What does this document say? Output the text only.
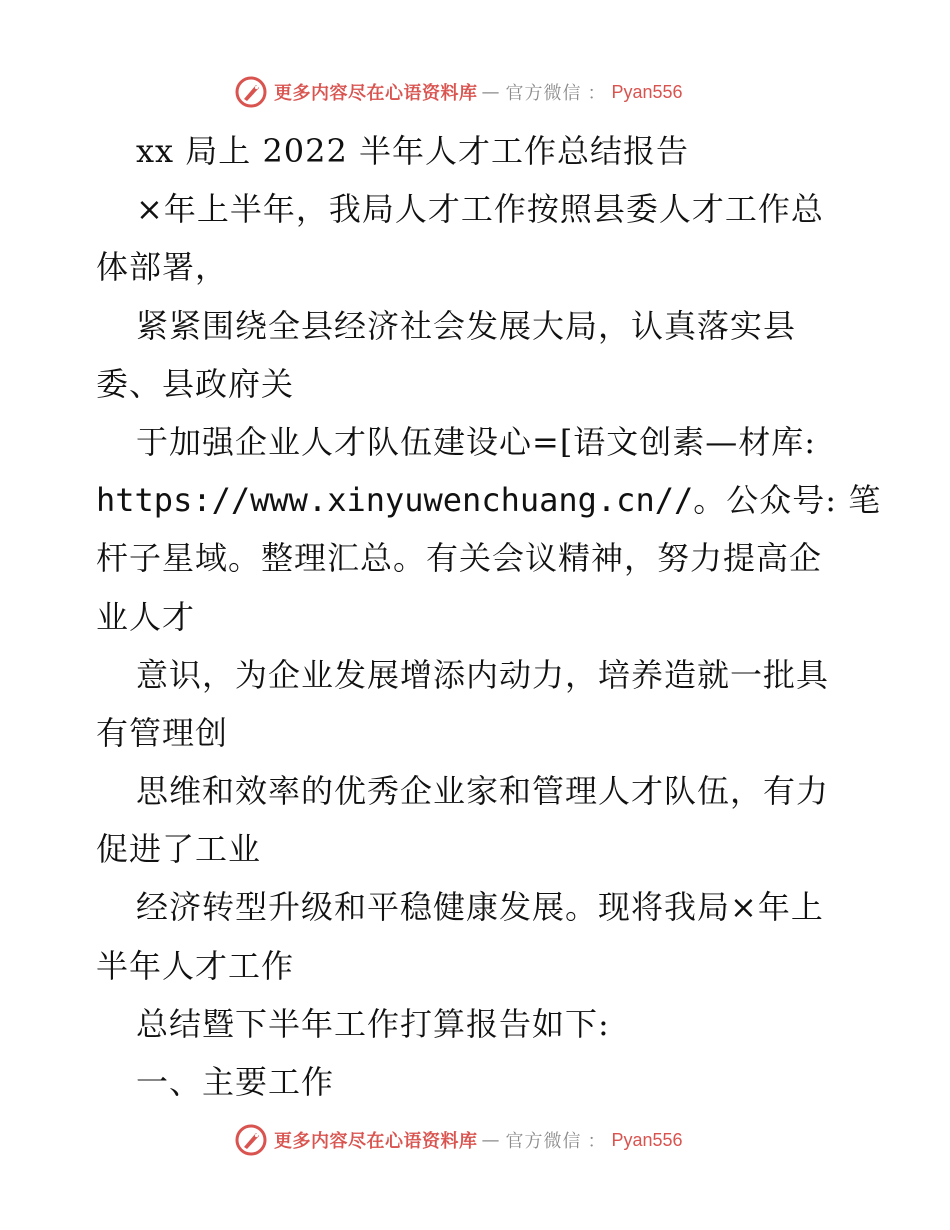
更多内容尽在心语资料库 — 官方微信 ： Pyan556
xx 局上 2022 半年人才工作总结报告
×年上半年，我局人才工作按照县委人才工作总
体部署，
紧紧围绕全县经济社会发展大局，认真落实县
委、县政府关
于加强企业人才队伍建设心=[语文创素—材库:
https://www.xinyuwenchuang.cn//。公众号: 笔
杆子星域。整理汇总。有关会议精神，努力提高企
业人才
意识，为企业发展增添内动力，培养造就一批具
有管理创
思维和效率的优秀企业家和管理人才队伍，有力
促进了工业
经济转型升级和平稳健康发展。现将我局×年上
半年人才工作
总结暨下半年工作打算报告如下:
一、主要工作
更多内容尽在心语资料库 — 官方微信 ： Pyan556
